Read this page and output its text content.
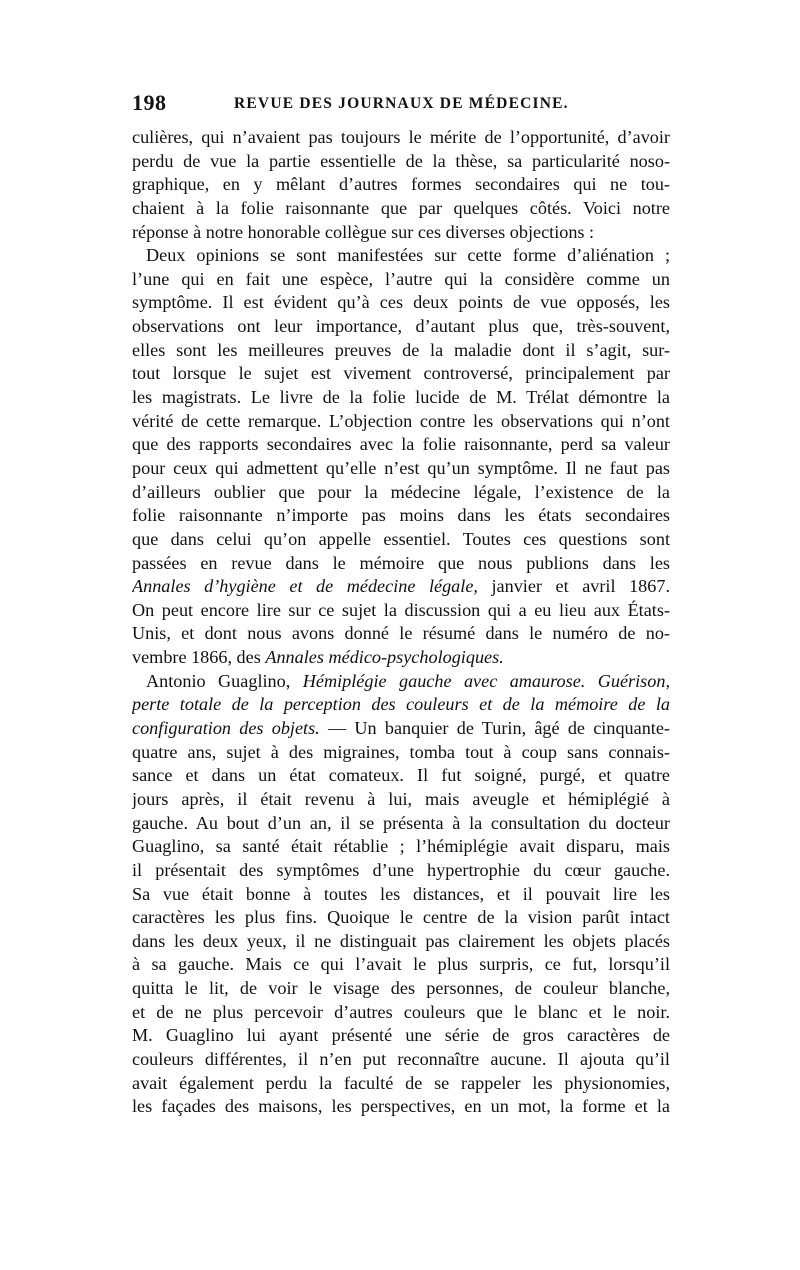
198	REVUE DES JOURNAUX DE MÉDECINE.
culières, qui n’avaient pas toujours le mérite de l’opportunité, d’avoir
perdu de vue la partie essentielle de la thèse, sa particularité noso-
graphique, en y mêlant d’autres formes secondaires qui ne tou-
chaient à la folie raisonnante que par quelques côtés. Voici notre
réponse à notre honorable collègue sur ces diverses objections :
Deux opinions se sont manifestées sur cette forme d’aliénation ;
l’une qui en fait une espèce, l’autre qui la considère comme un
symptôme. Il est évident qu’à ces deux points de vue opposés, les
observations ont leur importance, d’autant plus que, très-souvent,
elles sont les meilleures preuves de la maladie dont il s’agit, sur-
tout lorsque le sujet est vivement controversé, principalement par
les magistrats. Le livre de la folie lucide de M. Trélat démontre la
vérité de cette remarque. L’objection contre les observations qui n’ont
que des rapports secondaires avec la folie raisonnante, perd sa valeur
pour ceux qui admettent qu’elle n’est qu’un symptôme. Il ne faut pas
d’ailleurs oublier que pour la médecine légale, l’existence de la
folie raisonnante n’importe pas moins dans les états secondaires
que dans celui qu’on appelle essentiel. Toutes ces questions sont
passées en revue dans le mémoire que nous publions dans les
Annales d’hygiène et de médecine légale, janvier et avril 1867.
On peut encore lire sur ce sujet la discussion qui a eu lieu aux États-
Unis, et dont nous avons donné le résumé dans le numéro de no-
vembre 1866, des Annales médico-psychologiques.
Antonio Guaglino, Hémiplégie gauche avec amaurose. Guérison,
perte totale de la perception des couleurs et de la mémoire de la
configuration des objets. — Un banquier de Turin, âgé de cinquante-
quatre ans, sujet à des migraines, tomba tout à coup sans connais-
sance et dans un état comateux. Il fut soigné, purgé, et quatre
jours après, il était revenu à lui, mais aveugle et hémiplégié à
gauche. Au bout d’un an, il se présenta à la consultation du docteur
Guaglino, sa santé était rétablie ; l’hémiplégie avait disparu, mais
il présentait des symptômes d’une hypertrophie du cœur gauche.
Sa vue était bonne à toutes les distances, et il pouvait lire les
caractères les plus fins. Quoique le centre de la vision parût intact
dans les deux yeux, il ne distinguait pas clairement les objets placés
à sa gauche. Mais ce qui l’avait le plus surpris, ce fut, lorsqu’il
quitta le lit, de voir le visage des personnes, de couleur blanche,
et de ne plus percevoir d’autres couleurs que le blanc et le noir.
M. Guaglino lui ayant présenté une série de gros caractères de
couleurs différentes, il n’en put reconnaître aucune. Il ajouta qu’il
avait également perdu la faculté de se rappeler les physionomies,
les façades des maisons, les perspectives, en un mot, la forme et la
